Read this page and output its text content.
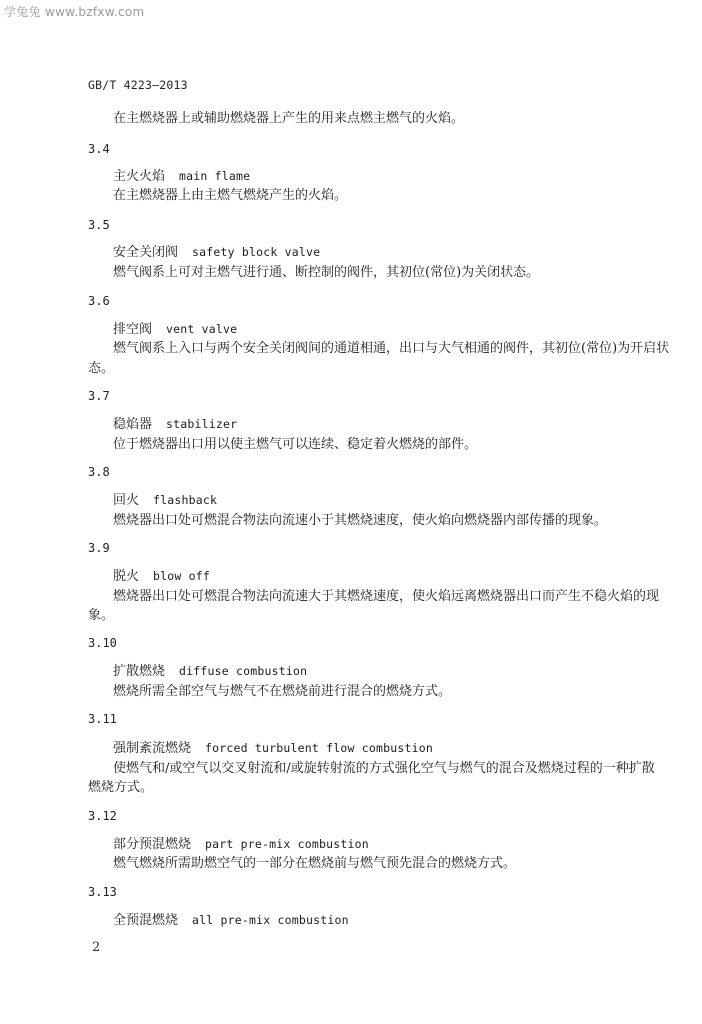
学兔兔 www.bzfxw.com
GB/T 4223—2013
在主燃烧器上或辅助燃烧器上产生的用来点燃主燃气的火焰。
3.4
主火火焰 main flame
在主燃烧器上由主燃气燃烧产生的火焰。
3.5
安全关闭阀 safety block valve
燃气阀系上可对主燃气进行通、断控制的阀件，其初位(常位)为关闭状态。
3.6
排空阀 vent valve
燃气阀系上入口与两个安全关闭阀间的通道相通，出口与大气相通的阀件，其初位(常位)为开启状
态。
3.7
稳焰器 stabilizer
位于燃烧器出口用以使主燃气可以连续、稳定着火燃烧的部件。
3.8
回火 flashback
燃烧器出口处可燃混合物法向流速小于其燃烧速度，使火焰向燃烧器内部传播的现象。
3.9
脱火 blow off
燃烧器出口处可燃混合物法向流速大于其燃烧速度，使火焰远离燃烧器出口而产生不稳火焰的现
象。
3.10
扩散燃烧 diffuse combustion
燃烧所需全部空气与燃气不在燃烧前进行混合的燃烧方式。
3.11
强制紊流燃烧 forced turbulent flow combustion
使燃气和/或空气以交叉射流和/或旋转射流的方式强化空气与燃气的混合及燃烧过程的一种扩散
燃烧方式。
3.12
部分预混燃烧 part pre-mix combustion
燃气燃烧所需助燃空气的一部分在燃烧前与燃气预先混合的燃烧方式。
3.13
全预混燃烧 all pre-mix combustion
2
